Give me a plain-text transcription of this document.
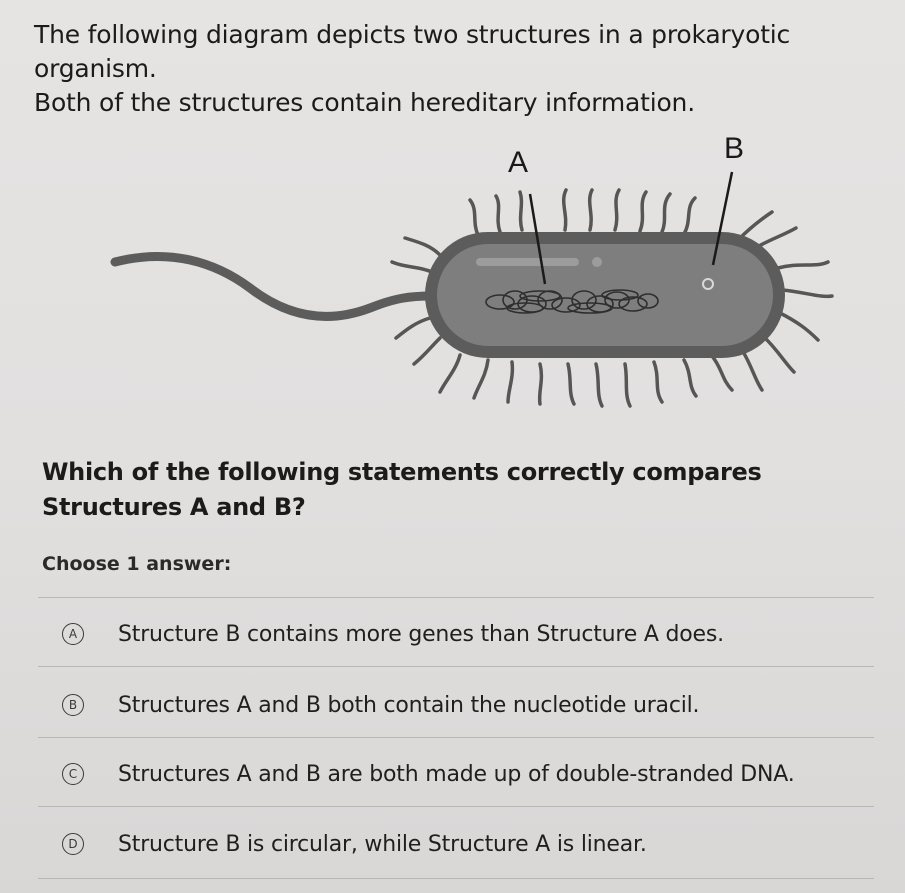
The following diagram depicts two structures in a prokaryotic organism.

Both of the structures contain hereditary information.

A	B
Which of the following statements correctly compares Structures A and B?
Choose 1 answer:
A	Structure B contains more genes than Structure A does.
B	Structures A and B both contain the nucleotide uracil.
C	Structures A and B are both made up of double-stranded DNA.
D Structure B is circular, while Structure A is linear.
